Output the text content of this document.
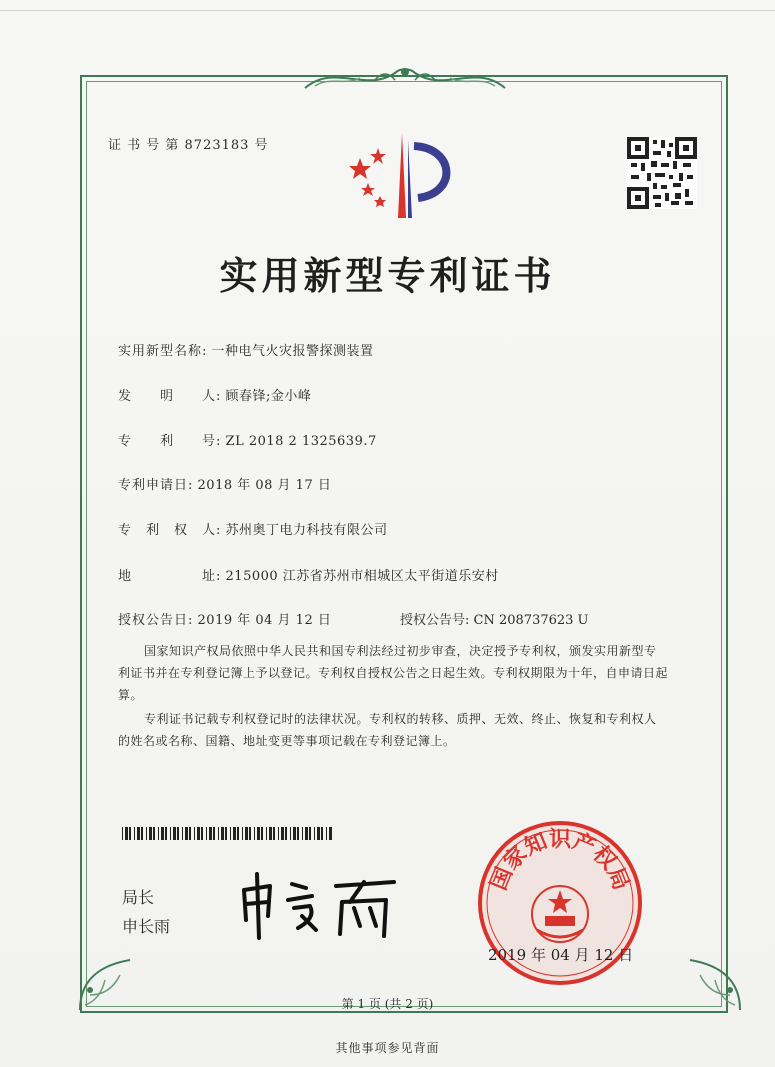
证 书 号 第 8723183 号
实用新型专利证书
实用新型名称: 一种电气火灾报警探测装置
发　　明　　人: 顾春锋;金小峰
专　　利　　号: ZL 2018 2 1325639.7
专利申请日: 2018 年 08 月 17 日
专　利　权　人: 苏州奥丁电力科技有限公司
地　　　　　址: 215000 江苏省苏州市相城区太平街道乐安村
授权公告日: 2019 年 04 月 12 日	授权公告号: CN 208737623 U

国家知识产权局依照中华人民共和国专利法经过初步审查，决定授予专利权，颁发实用新型专利证书并在专利登记簿上予以登记。专利权自授权公告之日起生效。专利权期限为十年，自申请日起算。

专利证书记载专利权登记时的法律状况。专利权的转移、质押、无效、终止、恢复和专利权人的姓名或名称、国籍、地址变更等事项记载在专利登记簿上。

局长
申长雨
国家知识产权局
2019 年 04 月 12 日
第 1 页 (共 2 页)
其他事项参见背面
